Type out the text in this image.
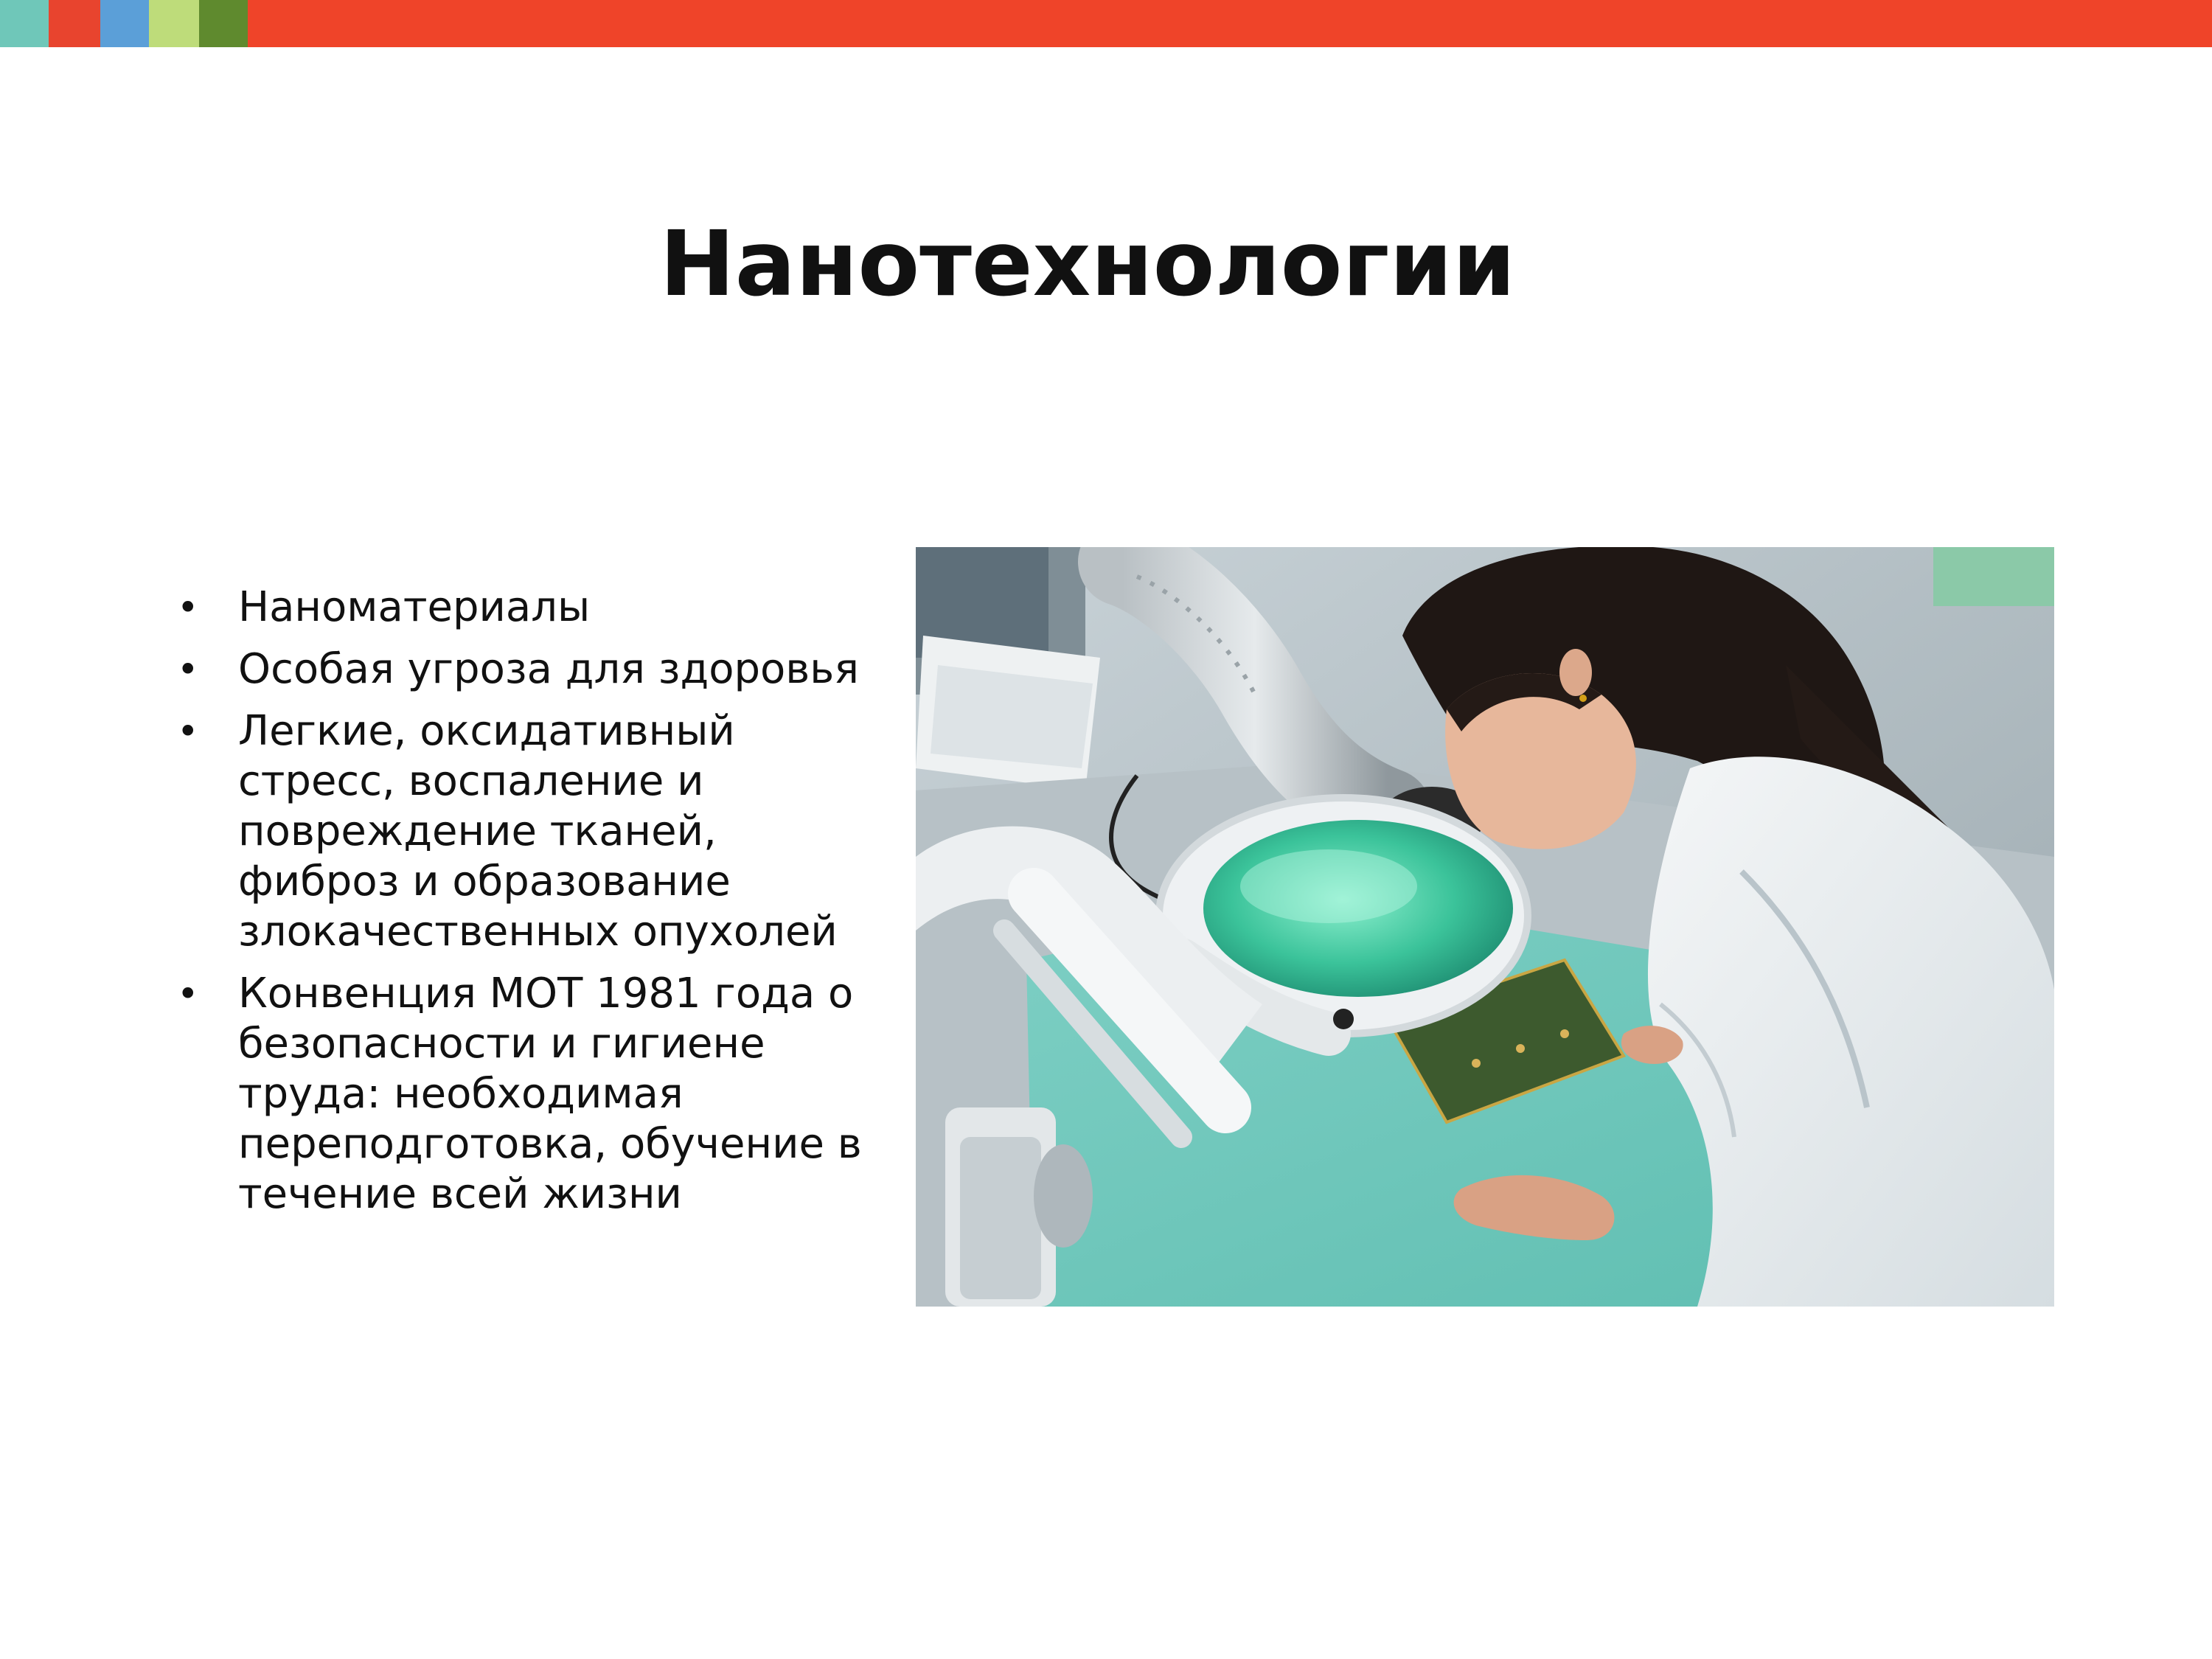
Нанотехнологии
• Наноматериалы
• Особая угроза для здоровья
• Легкие, оксидативный стресс, воспаление и повреждение тканей, фиброз и образование злокачественных опухолей
• Конвенция МОТ 1981 года о безопасности и гигиене труда: необходимая переподготовка, обучение в течение всей жизни
